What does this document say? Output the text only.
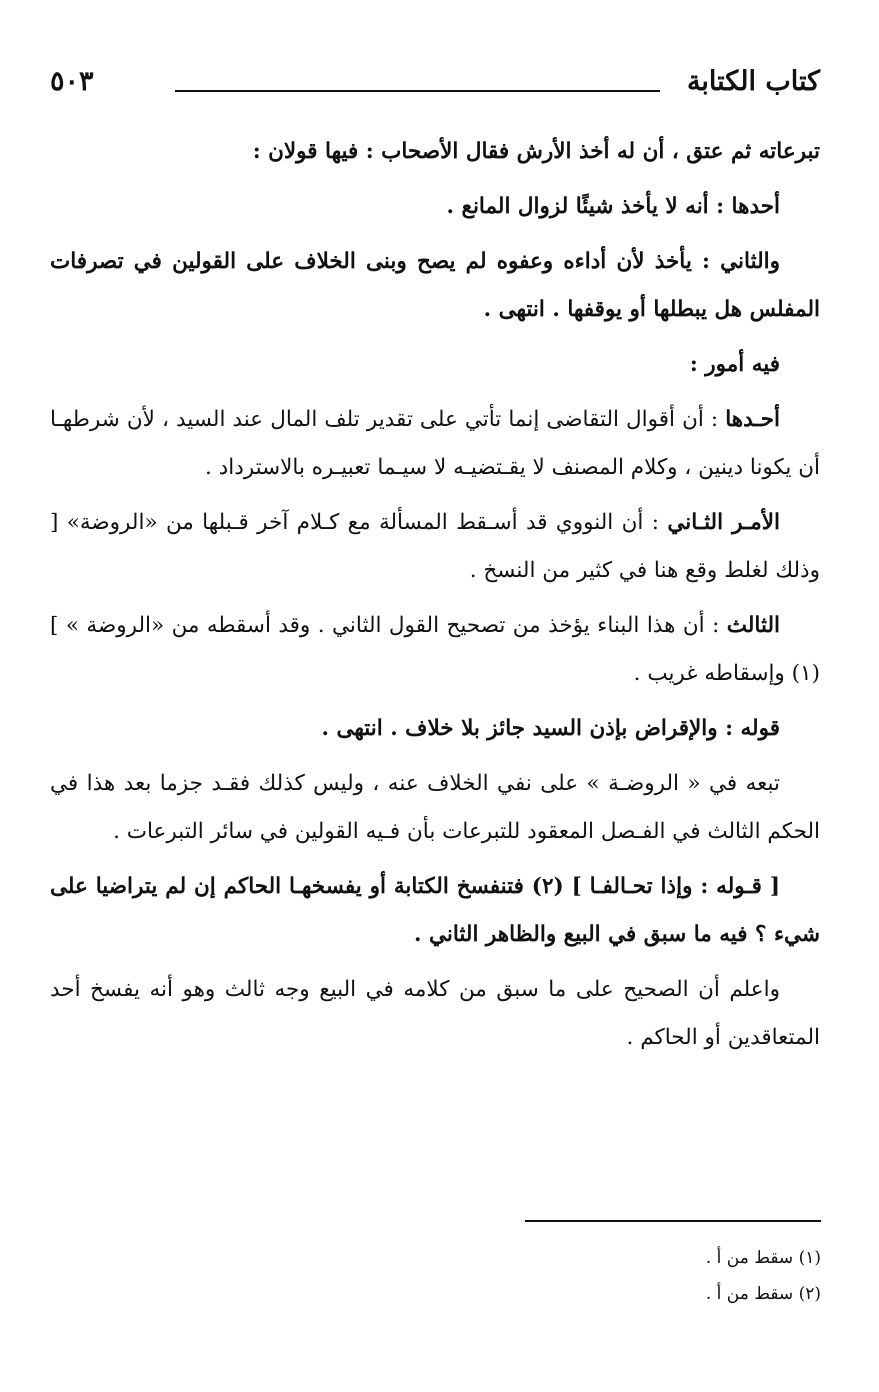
كتاب الكتابة
٥٠٣

تبرعاته ثم عتق ، أن له أخذ الأرش فقال الأصحاب : فيها قولان :

أحدها : أنه لا يأخذ شيئًا لزوال المانع .

والثاني : يأخذ لأن أداءه وعفوه لم يصح وبنى الخلاف على القولين في تصرفات المفلس هل يبطلها أو يوقفها . انتهى .

فيه أمور :

أحـدها : أن أقوال التقاضى إنما تأتي على تقدير تلف المال عند السيد ، لأن شرطهـا أن يكونا دينين ، وكلام المصنف لا يقـتضيـه لا سيـما تعبيـره بالاسترداد .

الأمـر الثـاني : أن النووي قد أسـقط المسألة مع كـلام آخر قـبلها من «الروضة» [ وذلك لغلط وقع هنا في كثير من النسخ .

الثالث : أن هذا البناء يؤخذ من تصحيح القول الثاني . وقد أسقطه من «الروضة » ] (١) وإسقاطه غريب .

قوله : والإقراض بإذن السيد جائز بلا خلاف . انتهى .

تبعه في « الروضـة » على نفي الخلاف عنه ، وليس كذلك فقـد جزما بعد هذا في الحكم الثالث في الفـصل المعقود للتبرعات بأن فـيه القولين في سائر التبرعات .

[ قـوله : وإذا تحـالفـا ] (٢) فتنفسخ الكتابة أو يفسخهـا الحاكم إن لم يتراضيا على شيء ؟ فيه ما سبق في البيع والظاهر الثاني .

واعلم أن الصحيح على ما سبق من كلامه في البيع وجه ثالث وهو أنه يفسخ أحد المتعاقدين أو الحاكم .

(١) سقط من أ .
(٢) سقط من أ .
